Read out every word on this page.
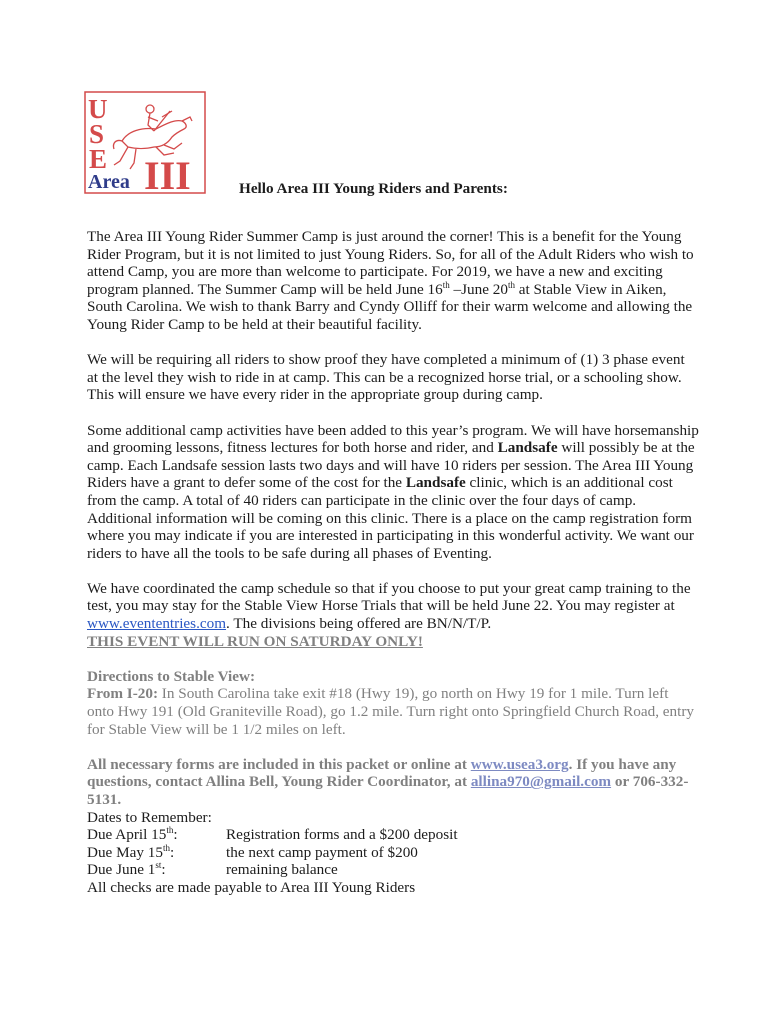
U
S
E
Area III	Hello Area III Young Riders and Parents:

The Area III Young Rider Summer Camp is just around the corner! This is a benefit for the Young Rider Program, but it is not limited to just Young Riders. So, for all of the Adult Riders who wish to attend Camp, you are more than welcome to participate. For 2019, we have a new and exciting program planned. The Summer Camp will be held June 16th –June 20th at Stable View in Aiken, South Carolina. We wish to thank Barry and Cyndy Olliff for their warm welcome and allowing the Young Rider Camp to be held at their beautiful facility.

We will be requiring all riders to show proof they have completed a minimum of (1) 3 phase event at the level they wish to ride in at camp. This can be a recognized horse trial, or a schooling show. This will ensure we have every rider in the appropriate group during camp.

Some additional camp activities have been added to this year’s program. We will have horsemanship and grooming lessons, fitness lectures for both horse and rider, and Landsafe will possibly be at the camp. Each Landsafe session lasts two days and will have 10 riders per session. The Area III Young Riders have a grant to defer some of the cost for the Landsafe clinic, which is an additional cost from the camp. A total of 40 riders can participate in the clinic over the four days of camp. Additional information will be coming on this clinic. There is a place on the camp registration form where you may indicate if you are interested in participating in this wonderful activity. We want our riders to have all the tools to be safe during all phases of Eventing.

We have coordinated the camp schedule so that if you choose to put your great camp training to the test, you may stay for the Stable View Horse Trials that will be held June 22. You may register at www.evententries.com. The divisions being offered are BN/N/T/P.
THIS EVENT WILL RUN ON SATURDAY ONLY!

Directions to Stable View:
From I-20: In South Carolina take exit #18 (Hwy 19), go north on Hwy 19 for 1 mile. Turn left onto Hwy 191 (Old Graniteville Road), go 1.2 mile. Turn right onto Springfield Church Road, entry for Stable View will be 1 1/2 miles on left.

All necessary forms are included in this packet or online at www.usea3.org. If you have any questions, contact Allina Bell, Young Rider Coordinator, at allina970@gmail.com or 706-332-5131.
Dates to Remember:
Due April 15th:	Registration forms and a $200 deposit
Due May 15th:	the next camp payment of $200
Due June 1st:	remaining balance
All checks are made payable to Area III Young Riders
